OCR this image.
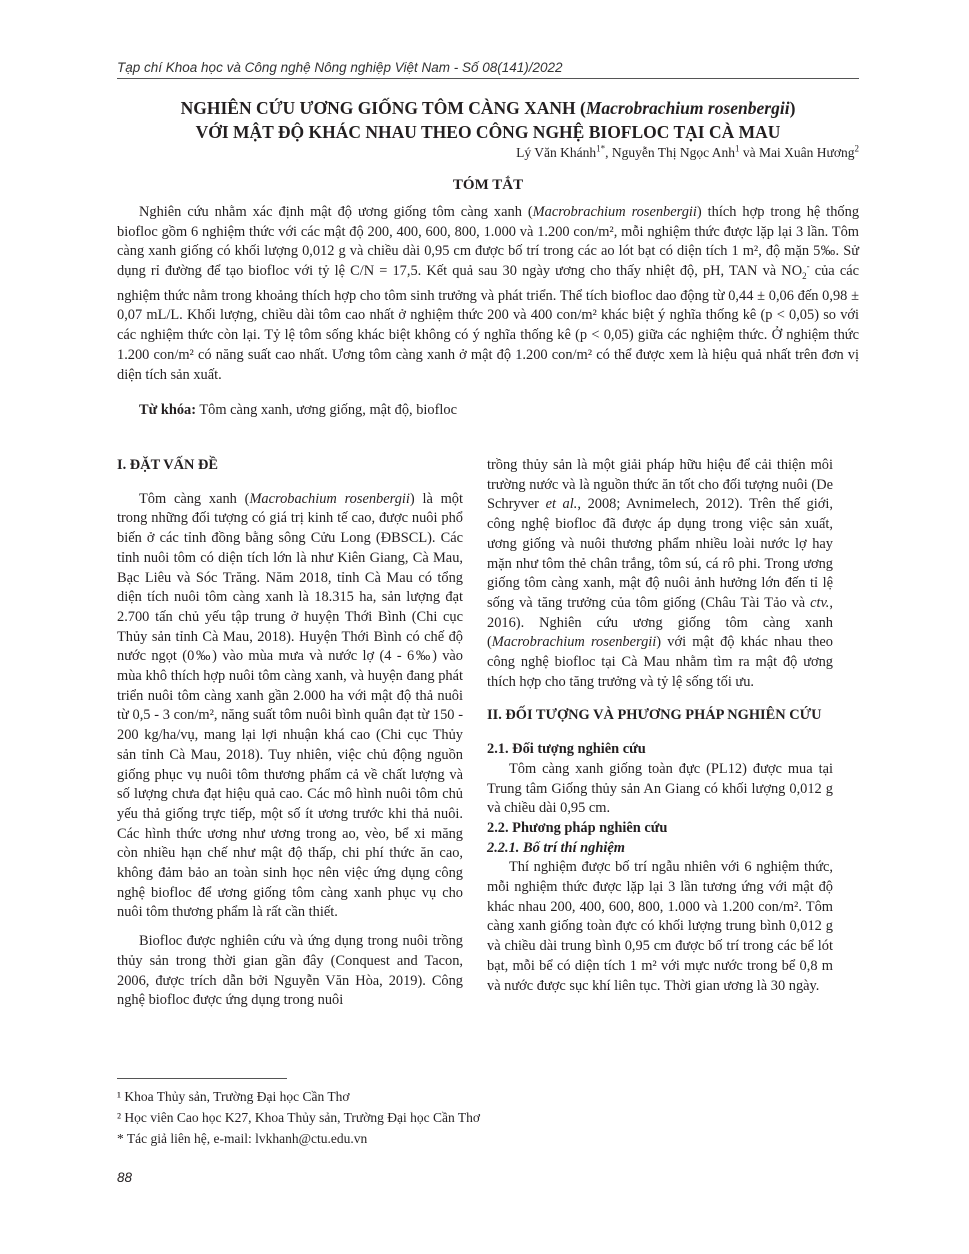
Tạp chí Khoa học và Công nghệ Nông nghiệp Việt Nam - Số 08(141)/2022
NGHIÊN CỨU ƯƠNG GIỐNG TÔM CÀNG XANH (Macrobrachium rosenbergii)
VỚI MẬT ĐỘ KHÁC NHAU THEO CÔNG NGHỆ BIOFLOC TẠI CÀ MAU
Lý Văn Khánh$^{1*}$, Nguyễn Thị Ngọc Anh$^1$ và Mai Xuân Hương$^2$
TÓM TẮT
Nghiên cứu nhằm xác định mật độ ương giống tôm càng xanh (Macrobrachium rosenbergii) thích hợp trong hệ thống biofloc gồm 6 nghiệm thức với các mật độ 200, 400, 600, 800, 1.000 và 1.200 con/m², mỗi nghiệm thức được lặp lại 3 lần. Tôm càng xanh giống có khối lượng 0,012 g và chiều dài 0,95 cm được bố trí trong các ao lót bạt có diện tích 1 m², độ mặn 5‰. Sử dụng rỉ đường để tạo biofloc với tỷ lệ C/N = 17,5. Kết quả sau 30 ngày ương cho thấy nhiệt độ, pH, TAN và $NO_2^-$ của các nghiệm thức nằm trong khoảng thích hợp cho tôm sinh trưởng và phát triển. Thể tích biofloc dao động từ 0,44 ± 0,06 đến 0,98 ± 0,07 mL/L. Khối lượng, chiều dài tôm cao nhất ở nghiệm thức 200 và 400 con/m² khác biệt ý nghĩa thống kê (p < 0,05) so với các nghiệm thức còn lại. Tỷ lệ tôm sống khác biệt không có ý nghĩa thống kê (p < 0,05) giữa các nghiệm thức. Ở nghiệm thức 1.200 con/m² có năng suất cao nhất. Ương tôm càng xanh ở mật độ 1.200 con/m² có thể được xem là hiệu quả nhất trên đơn vị diện tích sản xuất.
Từ khóa: Tôm càng xanh, ương giống, mật độ, biofloc

I. ĐẶT VẤN ĐỀ

Tôm càng xanh (Macrobachium rosenbergii) là một trong những đối tượng có giá trị kinh tế cao, được nuôi phổ biến ở các tỉnh đồng bằng sông Cửu Long (ĐBSCL). Các tỉnh nuôi tôm có diện tích lớn là như Kiên Giang, Cà Mau, Bạc Liêu và Sóc Trăng. Năm 2018, tỉnh Cà Mau có tổng diện tích nuôi tôm càng xanh là 18.315 ha, sản lượng đạt 2.700 tấn chủ yếu tập trung ở huyện Thới Bình (Chi cục Thủy sản tỉnh Cà Mau, 2018). Huyện Thới Bình có chế độ nước ngọt (0‰) vào mùa mưa và nước lợ (4 - 6‰) vào mùa khô thích hợp nuôi tôm càng xanh, và huyện đang phát triển nuôi tôm càng xanh gần 2.000 ha với mật độ thả nuôi từ 0,5 - 3 con/m², năng suất tôm nuôi bình quân đạt từ 150 - 200 kg/ha/vụ, mang lại lợi nhuận khá cao (Chi cục Thủy sản tỉnh Cà Mau, 2018). Tuy nhiên, việc chủ động nguồn giống phục vụ nuôi tôm thương phẩm cả về chất lượng và số lượng chưa đạt hiệu quả cao. Các mô hình nuôi tôm chủ yếu thả giống trực tiếp, một số ít ương trước khi thả nuôi. Các hình thức ương như ương trong ao, vèo, bể xi măng còn nhiều hạn chế như mật độ thấp, chi phí thức ăn cao, không đảm bảo an toàn sinh học nên việc ứng dụng công nghệ biofloc để ương giống tôm càng xanh phục vụ cho nuôi tôm thương phẩm là rất cần thiết.

Biofloc được nghiên cứu và ứng dụng trong nuôi trồng thủy sản trong thời gian gần đây (Conquest and Tacon, 2006, được trích dẫn bởi Nguyễn Văn Hòa, 2019). Công nghệ biofloc được ứng dụng trong nuôi

trồng thủy sản là một giải pháp hữu hiệu để cải thiện môi trường nước và là nguồn thức ăn tốt cho đối tượng nuôi (De Schryver et al., 2008; Avnimelech, 2012). Trên thế giới, công nghệ biofloc đã được áp dụng trong việc sản xuất, ương giống và nuôi thương phẩm nhiều loài nước lợ hay mặn như tôm thẻ chân trắng, tôm sú, cá rô phi. Trong ương giống tôm càng xanh, mật độ nuôi ảnh hưởng lớn đến tỉ lệ sống và tăng trưởng của tôm giống (Châu Tài Tảo và ctv., 2016). Nghiên cứu ương giống tôm càng xanh (Macrobrachium rosenbergii) với mật độ khác nhau theo công nghệ biofloc tại Cà Mau nhằm tìm ra mật độ ương thích hợp cho tăng trưởng và tỷ lệ sống tối ưu.

II. ĐỐI TƯỢNG VÀ PHƯƠNG PHÁP NGHIÊN CỨU

2.1. Đối tượng nghiên cứu

Tôm càng xanh giống toàn đực (PL12) được mua tại Trung tâm Giống thủy sản An Giang có khối lượng 0,012 g và chiều dài 0,95 cm.

2.2. Phương pháp nghiên cứu

2.2.1. Bố trí thí nghiệm

Thí nghiệm được bố trí ngẫu nhiên với 6 nghiệm thức, mỗi nghiệm thức được lặp lại 3 lần tương ứng với mật độ khác nhau 200, 400, 600, 800, 1.000 và 1.200 con/m². Tôm càng xanh giống toàn đực có khối lượng trung bình 0,012 g và chiều dài trung bình 0,95 cm được bố trí trong các bể lót bạt, mỗi bể có diện tích 1 m² với mực nước trong bể 0,8 m và nước được sục khí liên tục. Thời gian ương là 30 ngày.

¹ Khoa Thủy sản, Trường Đại học Cần Thơ
² Học viên Cao học K27, Khoa Thủy sản, Trường Đại học Cần Thơ
* Tác giả liên hệ, e-mail: lvkhanh@ctu.edu.vn
88
